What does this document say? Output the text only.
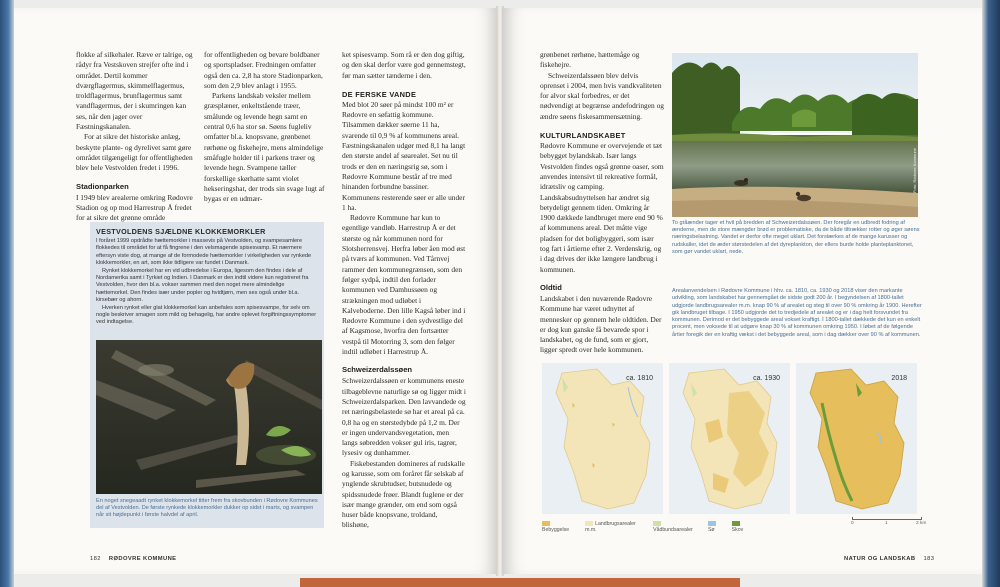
flokke af silkehaler. Ræve er talrige, og rådyr fra Vestskoven strejfer ofte ind i området. Dertil kommer dværgflagermus, skimmelflagermus, troldflagermus, brunflagermus samt vandflagermus, der i skumringen kan ses, når den jager over Fæstningskanalen.

For at sikre det historiske anlæg, beskytte plante- og dyrelivet samt gøre området tilgængeligt for offentligheden blev hele Vestvolden fredet i 1996.

Stadionparken

I 1949 blev arealerne omkring Rødovre Stadion og op mod Harrestrup Å fredet for at sikre det grønne område

for offentligheden og bevare boldbaner og sportspladser. Fredningen omfatter også den ca. 2,8 ha store Stadionparken, som den 2,9 blev anlagt i 1955.

Parkens landskab veksler mellem græsplæner, enkeltstående træer, smålunde og levende hegn samt en central 0,6 ha stor sø. Søens fugleliv omfatter bl.a. knopsvane, grønbenet rørhøne og fiskehejre, mens almindelige småfugle holder til i parkens træer og levende hegn. Svampene tæller forskellige skørhatte samt violet hekseringshat, der trods sin svage lugt af bygas er en udmær-

ket spisesvamp. Som rå er den dog giftig, og den skal derfor være god gennemstegt, før man sætter tænderne i den.

DE FERSKE VANDE

Med blot 20 søer på mindst 100 m² er Rødovre en søfattig kommune. Tilsammen dækker søerne 11 ha, svarende til 0,9 % af kommunens areal. Fæstningskanalen udgør med 8,1 ha langt den største andel af søarealet. Set nu til trods er den en næringsrig sø, som i Rødovre Kommune består af tre med hinanden forbundne bassiner. Kommunens resterende søer er alle under 1 ha.

Rødovre Kommune har kun to egentlige vandløb. Harrestrup Å er det største og når kommunen nord for Slotsherrensvej. Herfra løber åen mod øst på tværs af kommunen. Ved Tårnvej rammer den kommunegrænsen, som den følger sydpå, indtil den forlader kommunen ved Damhussøen og strækningen mod udløbet i Kalveboderne. Den lille Kagså løber ind i Rødovre Kommune i den sydvestlige del af Kagsmose, hvorfra den fortsætter vestpå til Motorring 3, som den følger indtil udløbet i Harrestrup Å.

Schweizerdalssøen

Schweizerdalssøen er kommunens eneste tilbageblevne naturlige sø og ligger midt i Schweizerdalsparken. Den lavvandede og ret næringsbelastede sø har et areal på ca. 0,8 ha og en størstedybde på 1,2 m. Der er ingen undervandsvegetation, men langs søbredden vokser gul iris, tagrør, lysesiv og dunhammer.

Fiskebestanden domineres af rudskalle og karusse, som om foråret får selskab af ynglende skrubtudser, butsnudede og spidssnudede frøer. Blandt fuglene er der især mange grænder, om end som også huser både knopsvane, troldand, blishøne,

VESTVOLDENS SJÆLDNE KLOKKEMORKLER

I foråret 1999 opdrådte hættemorkler i massevis på Vestvolden, og svampesamlere flokkedes til området for at få fingrene i den velsmagende spisesvamp. Et nærmere eftersyn viste dog, at mange af de formodede hættemorkler i virkeligheden var rynkede klokkemorkler, en art, som ikke tidligere var fundet i Danmark.

Rynket klokkemorkel har en vid udbredelse i Europa, ligesom den findes i dele af Nordamerika samt i Tyrkiet og Indien. I Danmark er den indtil videre kun registreret fra Vestvolden, hvor den bl.a. vokser sammen med den noget mere almindelige hættemorkel. Den findes især under popler og hvidtjørn, men ses også under bl.a. kirsebær og ahorn.

Hverken rynket eller glat klokkemorkel kan anbefales som spisesvampe, for selv om nogle beskriver smagen som mild og behagelig, har andre oplevet forgiftningssymptomer ved indtagelse.

En noget snegeaadt rynket klokkemorkel titter frem fra skovbunden i Rødovre Kommunes del af Vestvolden. De første rynkede klokkemorkler dukker op sidst i marts, og svampen når sit højdepunkt i første halvdel af april.
182 RØDOVRE KOMMUNE

grønbenet rørhøne, hættemåge og fiskehejre.

Schweizerdalssøen blev delvis oprenset i 2004, men hvis vandkvaliteten for alvor skal forbedres, er det nødvendigt at begrænse andefodringen og ændre søens fiskesammensætning.

KULTURLANDSKABET

Rødovre Kommune er overvejende et tæt bebygget bylandskab. Især langs Vestvolden findes også grønne oaser, som anvendes intensivt til rekreative formål, idrætsliv og camping. Landskabsudnyttelsen har ændret sig betydeligt gennem tiden. Omkring år 1900 dækkede landbruget mere end 90 % af kommunens areal. Det måtte vige pladsen for det boligbyggeri, som især tog fart i årtierne efter 2. Verdenskrig, og i dag drives der ikke længere landbrug i kommunen.

Oldtid

Landskabet i den nuværende Rødovre Kommune har været udnyttet af mennesker op gennem hele oldtiden. Der er dog kun ganske få bevarede spor i landskabet, og de fund, som er gjort, ligger spredt over hele kommunen.

Foto: Rødovre Kommune
To gråænder tager et hvil på bredden af Schweizerdalssøen. Der foregår en udbredt fodring af ænderne, men de store mængder brød er problematiske, da de både tiltrækker rotter og øger søens næringsbelastning. Vandet er derfor ofte meget uklart. Det forstærkes af de mange karusser og rudskaller, idet de æder størstedelen af det dyreplankton, der ellers burde holde planteplanktonet, som gør vandet uklart, nede.
Arealanvendelsen i Rødovre Kommune i hhv. ca. 1810, ca. 1930 og 2018 viser den markante udvikling, som landskabet har gennemgået de sidste godt 200 år. I begyndelsen af 1800-tallet udgjorde landbrugsarealer m.m. knap 90 % af arealet og steg til over 90 % omkring år 1900. Herefter gik landbruget tilbage. I 1950 udgjorde det to tredjedele af arealet og er i dag helt forsvundet fra kommunen. Derimod er det bebyggede areal vokset kraftigt. I 1800-tallet dækkede det kun en enkelt procent, men voksede til at udgøre knap 30 % af kommunen omkring 1950. I løbet af de følgende årtier foregik der en kraftig vækst i det bebyggede areal, som i dag dækker over 90 % af kommunen.
ca. 1810	ca. 1930	2018
Bebyggelse
Landbrugsarealer m.m.	Vådbundsarealer	Sø	Skov
0	1	2 km
NATUR OG LANDSKAB 183
